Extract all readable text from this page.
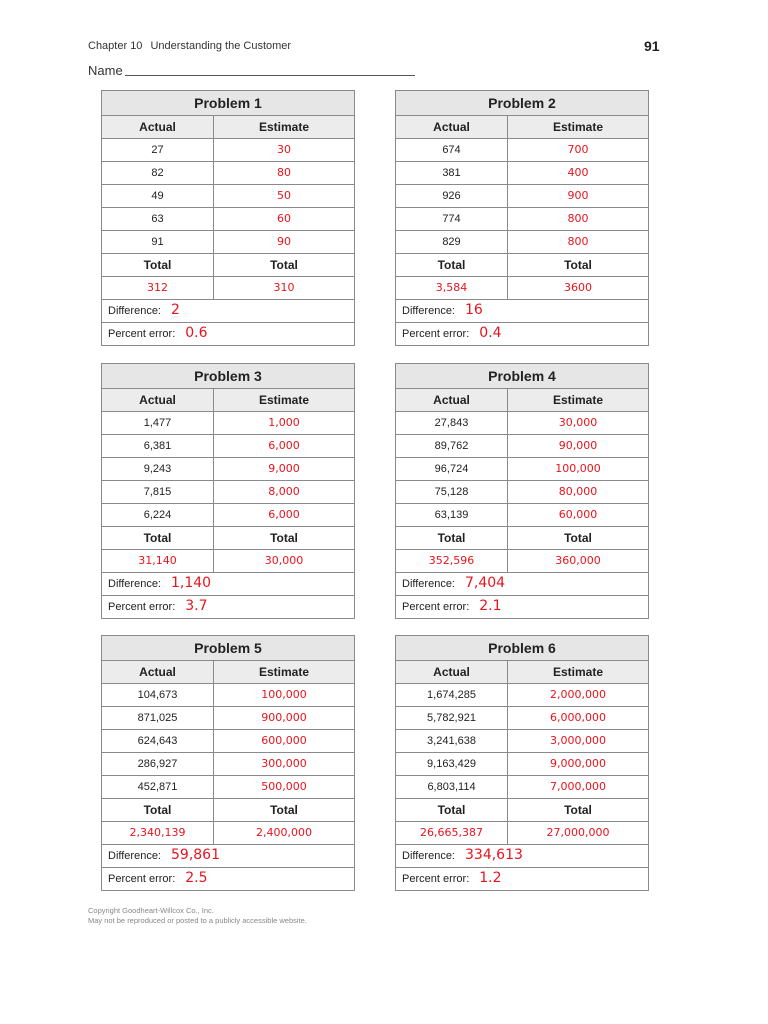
Chapter 10 Understanding the Customer	91
Name
Problem 1
Actual	Estimate
27	30
82	80
49	50
63	60
91	90
Total	Total
312	310
Difference: 2
Percent error: 0.6
Problem 2
Actual	Estimate
674	700
381	400
926	900
774	800
829	800
Total	Total
3,584	3600
Difference: 16
Percent error: 0.4
Problem 3
Actual	Estimate
1,477	1,000
6,381	6,000
9,243	9,000
7,815	8,000
6,224	6,000
Total	Total
31,140	30,000
Difference: 1,140
Percent error: 3.7
Problem 4
Actual	Estimate
27,843	30,000
89,762	90,000
96,724	100,000
75,128	80,000
63,139	60,000
Total	Total
352,596	360,000
Difference: 7,404
Percent error: 2.1
Problem 5
Actual	Estimate
104,673	100,000
871,025	900,000
624,643	600,000
286,927	300,000
452,871	500,000
Total	Total
2,340,139	2,400,000
Difference: 59,861
Percent error: 2.5
Problem 6
Actual	Estimate
1,674,285	2,000,000
5,782,921	6,000,000
3,241,638	3,000,000
9,163,429	9,000,000
6,803,114	7,000,000
Total	Total
26,665,387	27,000,000
Difference: 334,613
Percent error: 1.2
Copyright Goodheart-Willcox Co., Inc.
May not be reproduced or posted to a publicly accessible website.
